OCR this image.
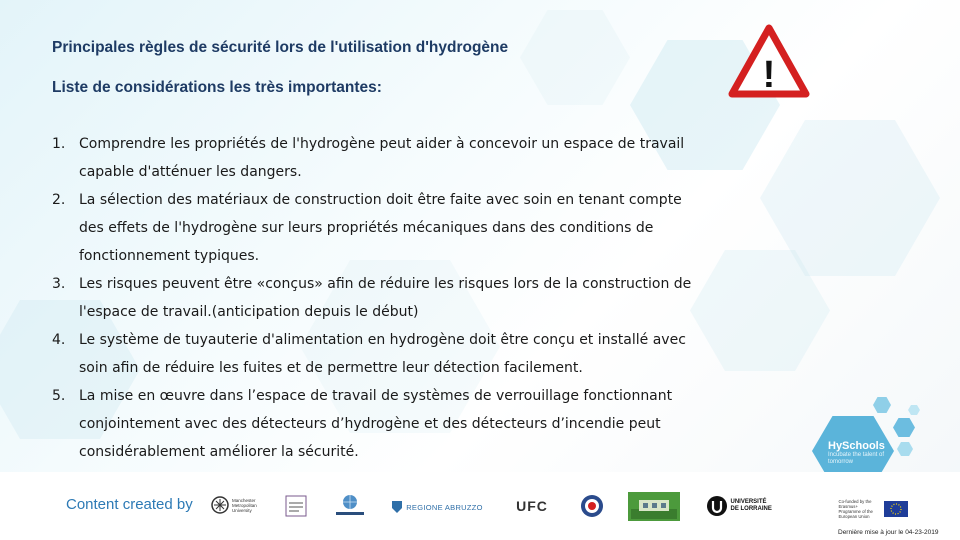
Principales règles de sécurité lors de l'utilisation d'hydrogène
Liste de considérations les très importantes:	!
1. Comprendre les propriétés de l'hydrogène peut aider à concevoir un espace de travail capable d'atténuer les dangers.
2. La sélection des matériaux de construction doit être faite avec soin en tenant compte des effets de l'hydrogène sur leurs propriétés mécaniques dans des conditions de fonctionnement typiques.
3. Les risques peuvent être «conçus» afin de réduire les risques lors de la construction de l'espace de travail.(anticipation depuis le début)
4. Le système de tuyauterie d'alimentation en hydrogène doit être conçu et installé avec soin afin de réduire les fuites et de permettre leur détection facilement.
5. La mise en œuvre dans l’espace de travail de systèmes de verrouillage fonctionnant conjointement avec des détecteurs d’hydrogène et des détecteurs d’incendie peut considérablement améliorer la sécurité.	HySchools
Incubate the talent of tomorrow
Content created by	Manchester Metropolitan University	REGIONE ABRUZZO UFC	UNIVERSITÉ DE LORRAINE
Co-funded by the Erasmus+ Programme of the European Union
Dernière mise à jour le 04-23-2019
